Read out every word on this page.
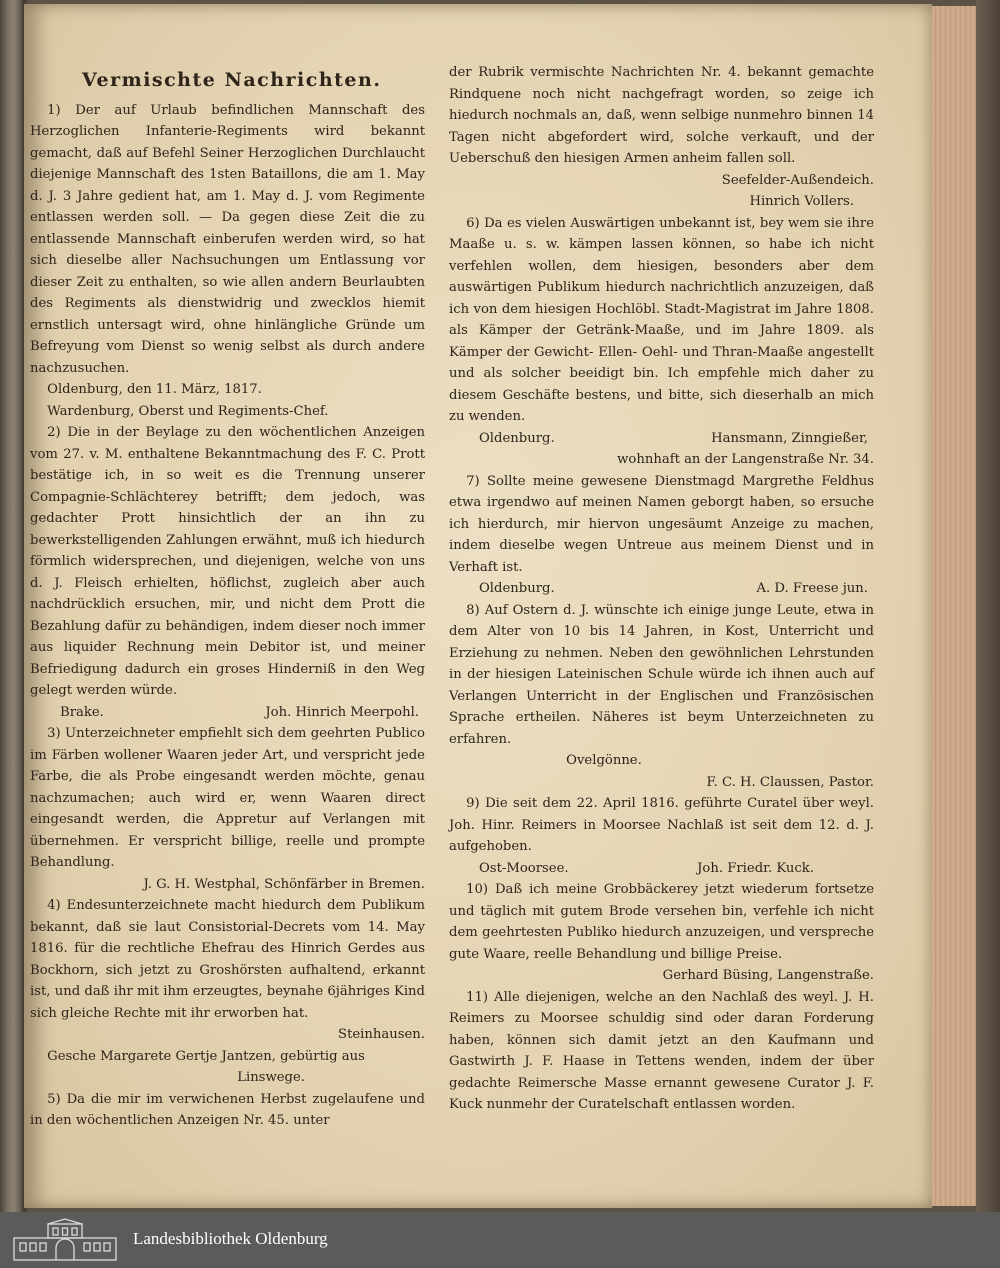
Vermischte Nachrichten.

1) Der auf Urlaub befindlichen Mannschaft des Herzoglichen Infanterie-Regiments wird bekannt gemacht, daß auf Befehl Seiner Herzoglichen Durchlaucht diejenige Mannschaft des 1sten Bataillons, die am 1. May d. J. 3 Jahre gedient hat, am 1. May d. J. vom Regimente entlassen werden soll. — Da gegen diese Zeit die zu entlassende Mannschaft einberufen werden wird, so hat sich dieselbe aller Nachsuchungen um Entlassung vor dieser Zeit zu enthalten, so wie allen andern Beurlaubten des Regiments als dienstwidrig und zwecklos hiemit ernstlich untersagt wird, ohne hinlängliche Gründe um Befreyung vom Dienst so wenig selbst als durch andere nachzusuchen.

Oldenburg, den 11. März, 1817.

Wardenburg, Oberst und Regiments-Chef.

2) Die in der Beylage zu den wöchentlichen Anzeigen vom 27. v. M. enthaltene Bekanntmachung des F. C. Prott bestätige ich, in so weit es die Trennung unserer Compagnie-Schlächterey betrifft; dem jedoch, was gedachter Prott hinsichtlich der an ihn zu bewerkstelligenden Zahlungen erwähnt, muß ich hiedurch förmlich widersprechen, und diejenigen, welche von uns d. J. Fleisch erhielten, höflichst, zugleich aber auch nachdrücklich ersuchen, mir, und nicht dem Prott die Bezahlung dafür zu behändigen, indem dieser noch immer aus liquider Rechnung mein Debitor ist, und meiner Befriedigung dadurch ein groses Hinderniß in den Weg gelegt werden würde.

Brake.	Joh. Hinrich Meerpohl.

3) Unterzeichneter empfiehlt sich dem geehrten Publico im Färben wollener Waaren jeder Art, und verspricht jede Farbe, die als Probe eingesandt werden möchte, genau nachzumachen; auch wird er, wenn Waaren direct eingesandt werden, die Appretur auf Verlangen mit übernehmen. Er verspricht billige, reelle und prompte Behandlung.

J. G. H. Westphal, Schönfärber in Bremen.

4) Endesunterzeichnete macht hiedurch dem Publikum bekannt, daß sie laut Consistorial-Decrets vom 14. May 1816. für die rechtliche Ehefrau des Hinrich Gerdes aus Bockhorn, sich jetzt zu Groshörsten aufhaltend, erkannt ist, und daß ihr mit ihm erzeugtes, beynahe 6jähriges Kind sich gleiche Rechte mit ihr erworben hat.

Steinhausen.

Gesche Margarete Gertje Jantzen, gebürtig aus

Linswege.

5) Da die mir im verwichenen Herbst zugelaufene und in den wöchentlichen Anzeigen Nr. 45. unter

der Rubrik vermischte Nachrichten Nr. 4. bekannt gemachte Rindquene noch nicht nachgefragt worden, so zeige ich hiedurch nochmals an, daß, wenn selbige nunmehro binnen 14 Tagen nicht abgefordert wird, solche verkauft, und der Ueberschuß den hiesigen Armen anheim fallen soll.

Seefelder-Außendeich.

Hinrich Vollers.

6) Da es vielen Auswärtigen unbekannt ist, bey wem sie ihre Maaße u. s. w. kämpen lassen können, so habe ich nicht verfehlen wollen, dem hiesigen, besonders aber dem auswärtigen Publikum hiedurch nachrichtlich anzuzeigen, daß ich von dem hiesigen Hochlöbl. Stadt-Magistrat im Jahre 1808. als Kämper der Getränk-Maaße, und im Jahre 1809. als Kämper der Gewicht- Ellen- Oehl- und Thran-Maaße angestellt und als solcher beeidigt bin. Ich empfehle mich daher zu diesem Geschäfte bestens, und bitte, sich dieserhalb an mich zu wenden.

Oldenburg.	Hansmann, Zinngießer,

wohnhaft an der Langenstraße Nr. 34.

7) Sollte meine gewesene Dienstmagd Margrethe Feldhus etwa irgendwo auf meinen Namen geborgt haben, so ersuche ich hierdurch, mir hiervon ungesäumt Anzeige zu machen, indem dieselbe wegen Untreue aus meinem Dienst und in Verhaft ist.

Oldenburg.	A. D. Freese jun.

8) Auf Ostern d. J. wünschte ich einige junge Leute, etwa in dem Alter von 10 bis 14 Jahren, in Kost, Unterricht und Erziehung zu nehmen. Neben den gewöhnlichen Lehrstunden in der hiesigen Lateinischen Schule würde ich ihnen auch auf Verlangen Unterricht in der Englischen und Französischen Sprache ertheilen. Näheres ist beym Unterzeichneten zu erfahren.

Ovelgönne.

F. C. H. Claussen, Pastor.

9) Die seit dem 22. April 1816. geführte Curatel über weyl. Joh. Hinr. Reimers in Moorsee Nachlaß ist seit dem 12. d. J. aufgehoben.

Ost-Moorsee.	Joh. Friedr. Kuck.

10) Daß ich meine Grobbäckerey jetzt wiederum fortsetze und täglich mit gutem Brode versehen bin, verfehle ich nicht dem geehrtesten Publiko hiedurch anzuzeigen, und verspreche gute Waare, reelle Behandlung und billige Preise.

Gerhard Büsing, Langenstraße.

11) Alle diejenigen, welche an den Nachlaß des weyl. J. H. Reimers zu Moorsee schuldig sind oder daran Forderung haben, können sich damit jetzt an den Kaufmann und Gastwirth J. F. Haase in Tettens wenden, indem der über gedachte Reimersche Masse ernannt gewesene Curator J. F. Kuck nunmehr der Curatelschaft entlassen worden.

Landesbibliothek Oldenburg
